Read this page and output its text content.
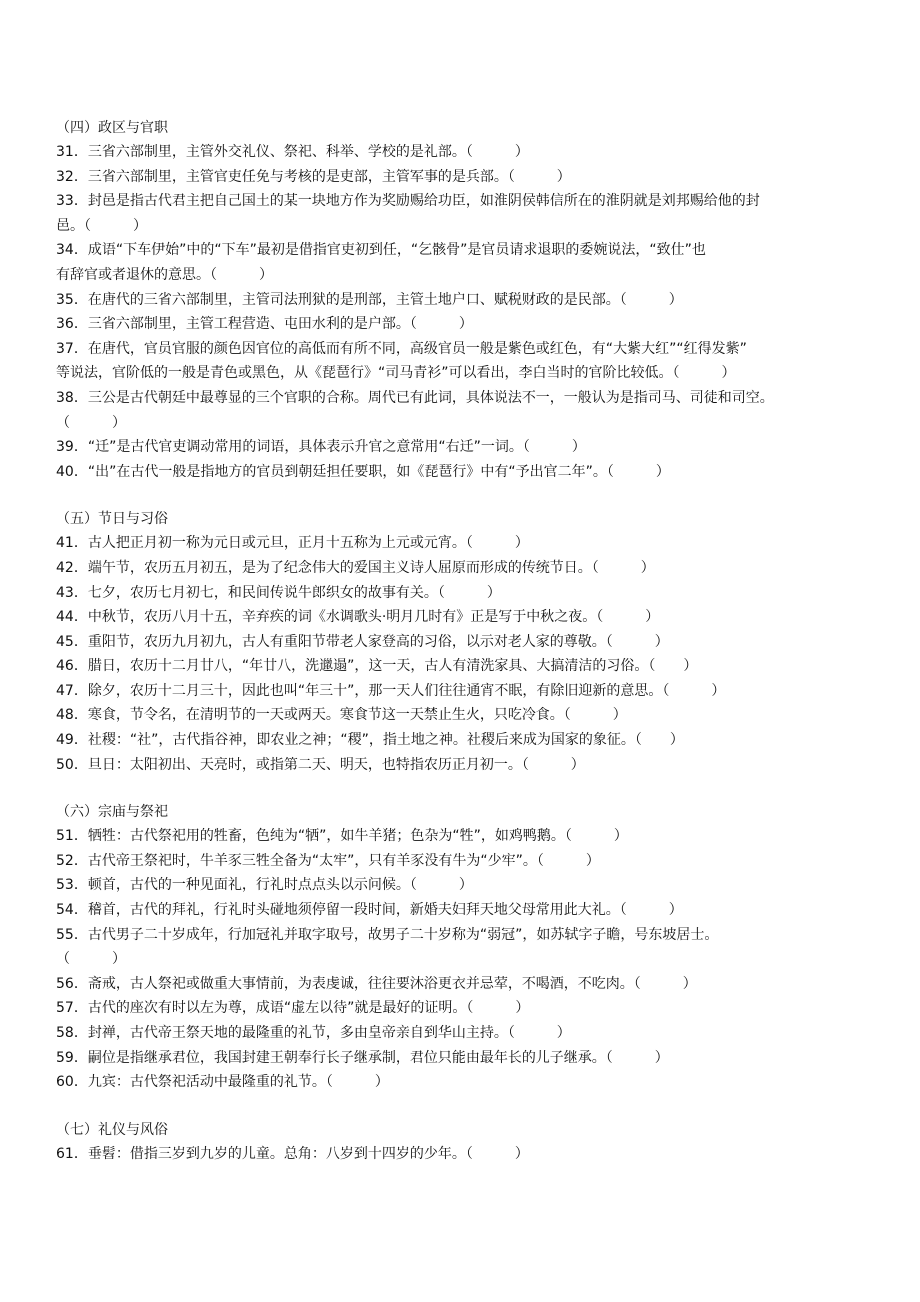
（四）政区与官职
31．三省六部制里，主管外交礼仪、祭祀、科举、学校的是礼部。（　　　）
32．三省六部制里，主管官吏任免与考核的是吏部，主管军事的是兵部。（　　　）
33．封邑是指古代君主把自己国土的某一块地方作为奖励赐给功臣，如淮阴侯韩信所在的淮阴就是刘邦赐给他的封
邑。（　　　）
34．成语“下车伊始”中的“下车”最初是借指官吏初到任，“乞骸骨”是官员请求退职的委婉说法，“致仕”也
有辞官或者退休的意思。（　　　）
35．在唐代的三省六部制里，主管司法刑狱的是刑部，主管土地户口、赋税财政的是民部。（　　　）
36．三省六部制里，主管工程营造、屯田水利的是户部。（　　　）
37．在唐代，官员官服的颜色因官位的高低而有所不同，高级官员一般是紫色或红色，有“大紫大红”“红得发紫”
等说法，官阶低的一般是青色或黑色，从《琵琶行》“司马青衫”可以看出，李白当时的官阶比较低。（　　　）
38．三公是古代朝廷中最尊显的三个官职的合称。周代已有此词，具体说法不一，一般认为是指司马、司徒和司空。
（　　　）
39．“迁”是古代官吏调动常用的词语，具体表示升官之意常用“右迁”一词。（　　　）
40．“出”在古代一般是指地方的官员到朝廷担任要职，如《琵琶行》中有“予出官二年”。（　　　）
（五）节日与习俗
41．古人把正月初一称为元日或元旦，正月十五称为上元或元宵。（　　　）
42．端午节，农历五月初五，是为了纪念伟大的爱国主义诗人屈原而形成的传统节日。（　　　）
43．七夕，农历七月初七，和民间传说牛郎织女的故事有关。（　　　）
44．中秋节，农历八月十五，辛弃疾的词《水调歌头·明月几时有》正是写于中秋之夜。（　　　）
45．重阳节，农历九月初九，古人有重阳节带老人家登高的习俗，以示对老人家的尊敬。（　　　）
46．腊日，农历十二月廿八，“年廿八，洗邋遢”，这一天，古人有清洗家具、大搞清洁的习俗。（　　）
47．除夕，农历十二月三十，因此也叫“年三十”，那一天人们往往通宵不眠，有除旧迎新的意思。（　　　）
48．寒食，节令名，在清明节的一天或两天。寒食节这一天禁止生火，只吃冷食。（　　　）
49．社稷：“社”，古代指谷神，即农业之神；“稷”，指土地之神。社稷后来成为国家的象征。（　　）
50．旦日：太阳初出、天亮时，或指第二天、明天，也特指农历正月初一。（　　　）
（六）宗庙与祭祀
51．牺牲：古代祭祀用的牲畜，色纯为“牺”，如牛羊猪；色杂为“牲”，如鸡鸭鹅。（　　　）
52．古代帝王祭祀时，牛羊豕三牲全备为“太牢”，只有羊豕没有牛为“少牢”。（　　　）
53．顿首，古代的一种见面礼，行礼时点点头以示问候。（　　　）
54．稽首，古代的拜礼，行礼时头碰地须停留一段时间，新婚夫妇拜天地父母常用此大礼。（　　　）
55．古代男子二十岁成年，行加冠礼并取字取号，故男子二十岁称为“弱冠”，如苏轼字子瞻，号东坡居士。
（　　　）
56．斋戒，古人祭祀或做重大事情前，为表虔诚，往往要沐浴更衣并忌荤，不喝酒，不吃肉。（　　　）
57．古代的座次有时以左为尊，成语“虚左以待”就是最好的证明。（　　　）
58．封禅，古代帝王祭天地的最隆重的礼节，多由皇帝亲自到华山主持。（　　　）
59．嗣位是指继承君位，我国封建王朝奉行长子继承制，君位只能由最年长的儿子继承。（　　　）
60．九宾：古代祭祀活动中最隆重的礼节。（　　　）
（七）礼仪与风俗
61．垂髫：借指三岁到九岁的儿童。总角：八岁到十四岁的少年。（　　　）
